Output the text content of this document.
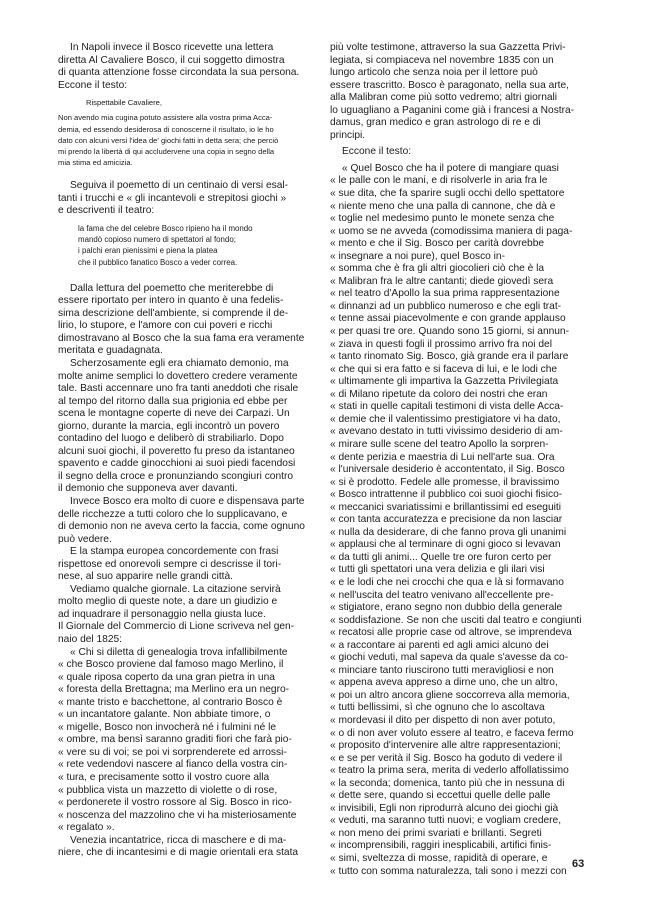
In Napoli invece il Bosco ricevette una lettera
diretta Al Cavaliere Bosco, il cui soggetto dimostra
di quanta attenzione fosse circondata la sua persona.
Eccone il testo:
Rispettabile Cavaliere,
Non avendo mia cugina potuto assistere alla vostra prima Acca-
demia, ed essendo desiderosa di conoscerne il risultato, io le ho
dato con alcuni versi l'idea de' giochi fatti in detta sera; che perciò
mi prendo la libertà di qui accludervene una copia in segno della
mia stima ed amicizia.
Seguiva il poemetto di un centinaio di versi esal-
tanti i trucchi e « gli incantevoli e strepitosi giochi »
e descriventi il teatro:
la fama che del celebre Bosco ripieno ha il mondo
mandò copioso numero di spettatori al fondo;
i palchi eran pienissimi e piena la platea
che il pubblico fanatico Bosco a veder correa.
Dalla lettura del poemetto che meriterebbe di
essere riportato per intero in quanto è una fedelis-
sima descrizione dell'ambiente, si comprende il de-
lirio, lo stupore, e l'amore con cui poveri e ricchi
dimostravano al Bosco che la sua fama era veramente
meritata e guadagnata.
Scherzosamente egli era chiamato demonio, ma
molte anime semplici lo dovettero credere veramente
tale. Basti accennare uno fra tanti aneddoti che risale
al tempo del ritorno dalla sua prigionia ed ebbe per
scena le montagne coperte di neve dei Carpazi. Un
giorno, durante la marcia, egli incontrò un povero
contadino del luogo e deliberò di strabiliarlo. Dopo
alcuni suoi giochi, il poveretto fu preso da istantaneo
spavento e cadde ginocchioni ai suoi piedi facendosi
il segno della croce e pronunziando scongiuri contro
il demonio che supponeva aver davanti.
Invece Bosco era molto di cuore e dispensava parte
delle ricchezze a tutti coloro che lo supplicavano, e
di demonio non ne aveva certo la faccia, come ognuno
può vedere.
E la stampa europea concordemente con frasi
rispettose ed onorevoli sempre ci descrisse il tori-
nese, al suo apparire nelle grandi città.
Vediamo qualche giornale. La citazione servirà
molto meglio di queste note, a dare un giudizio e
ad inquadrare il personaggio nella giusta luce.
Il Giornale del Commercio di Lione scriveva nel gen-
naio del 1825:
« Chi si diletta di genealogia trova infallibilmente
« che Bosco proviene dal famoso mago Merlino, il
« quale riposa coperto da una gran pietra in una
« foresta della Brettagna; ma Merlino era un negro-
« mante tristo e bacchettone, al contrario Bosco è
« un incantatore galante. Non abbiate timore, o
« migelle, Bosco non invocherà né i fulmini né le
« ombre, ma bensì saranno graditi fiori che farà pio-
« vere su di voi; se poi vi sorprenderete ed arrossi-
« rete vedendovi nascere al fianco della vostra cin-
« tura, e precisamente sotto il vostro cuore alla
« pubblica vista un mazzetto di violette o di rose,
« perdonerete il vostro rossore al Sig. Bosco in rico-
« noscenza del mazzolino che vi ha misteriosamente
« regalato ».
Venezia incantatrice, ricca di maschere e di ma-
niere, che di incantesimi e di magie orientali era stata
più volte testimone, attraverso la sua Gazzetta Privi-
legiata, si compiaceva nel novembre 1835 con un
lungo articolo che senza noia per il lettore può
essere trascritto. Bosco è paragonato, nella sua arte,
alla Malibran come più sotto vedremo; altri giornali
lo uguagliano a Paganini come già i francesi a Nostra-
damus, gran medico e gran astrologo di re e di
principi.
Eccone il testo:
« Quel Bosco che ha il potere di mangiare quasi
« le palle con le mani, e di risolverle in aria fra le
« sue dita, che fa sparire sugli occhi dello spettatore
« niente meno che una palla di cannone, che dà e
« toglie nel medesimo punto le monete senza che
« uomo se ne avveda (comodissima maniera di paga-
« mento e che il Sig. Bosco per carità dovrebbe
« insegnare a noi pure), quel Bosco in-
« somma che è fra gli altri giocolieri ciò che è la
« Malibran fra le altre cantanti; diede giovedì sera
« nel teatro d'Apollo la sua prima rappresentazione
« dinnanzi ad un pubblico numeroso e che egli trat-
« tenne assai piacevolmente e con grande applauso
« per quasi tre ore. Quando sono 15 giorni, si annun-
« ziava in questi fogli il prossimo arrivo fra noi del
« tanto rinomato Sig. Bosco, già grande era il parlare
« che qui si era fatto e si faceva di lui, e le lodi che
« ultimamente gli impartiva la Gazzetta Privilegiata
« di Milano ripetute da coloro dei nostri che eran
« stati in quelle capitali testimoni di vista delle Acca-
« demie che il valentissimo prestigiatore vi ha dato,
« avevano destato in tutti vivissimo desiderio di am-
« mirare sulle scene del teatro Apollo la sorpren-
« dente perizia e maestria di Lui nell'arte sua. Ora
« l'universale desiderio è accontentato, il Sig. Bosco
« si è prodotto. Fedele alle promesse, il bravissimo
« Bosco intrattenne il pubblico coi suoi giochi fisico-
« meccanici svariatissimi e brillantissimi ed eseguiti
« con tanta accuratezza e precisione da non lasciar
« nulla da desiderare, di che fanno prova gli unanimi
« applausi che al terminare di ogni gioco si levavan
« da tutti gli animi... Quelle tre ore furon certo per
« tutti gli spettatori una vera delizia e gli ilari visi
« e le lodi che nei crocchi che qua e là si formavano
« nell'uscita del teatro venivano all'eccellente pre-
« stigiatore, erano segno non dubbio della generale
« soddisfazione. Se non che usciti dal teatro e congiunti
« recatosi alle proprie case od altrove, se imprendeva
« a raccontare ai parenti ed agli amici alcuno dei
« giochi veduti, mal sapeva da quale s'avesse da co-
« minciare tanto riuscirono tutti meravigliosi e non
« appena aveva appreso a dirne uno, che un altro,
« poi un altro ancora gliene soccorreva alla memoria,
« tutti bellissimi, sì che ognuno che lo ascoltava
« mordevasi il dito per dispetto di non aver potuto,
« o di non aver voluto essere al teatro, e faceva fermo
« proposito d'intervenire alle altre rappresentazioni;
« e se per verità il Sig. Bosco ha goduto di vedere il
« teatro la prima sera, merita di vederlo affollatissimo
« la seconda; domenica, tanto più che in nessuna di
« dette sere, quando si eccettui quelle delle palle
« invisibili, Egli non riprodurrà alcuno dei giochi già
« veduti, ma saranno tutti nuovi; e vogliam credere,
« non meno dei primi svariati e brillanti. Segreti
« incomprensibili, raggiri inesplicabili, artifici finis-
« simi, sveltezza di mosse, rapidità di operare, e
« tutto con somma naturalezza, tali sono i mezzi con
63
